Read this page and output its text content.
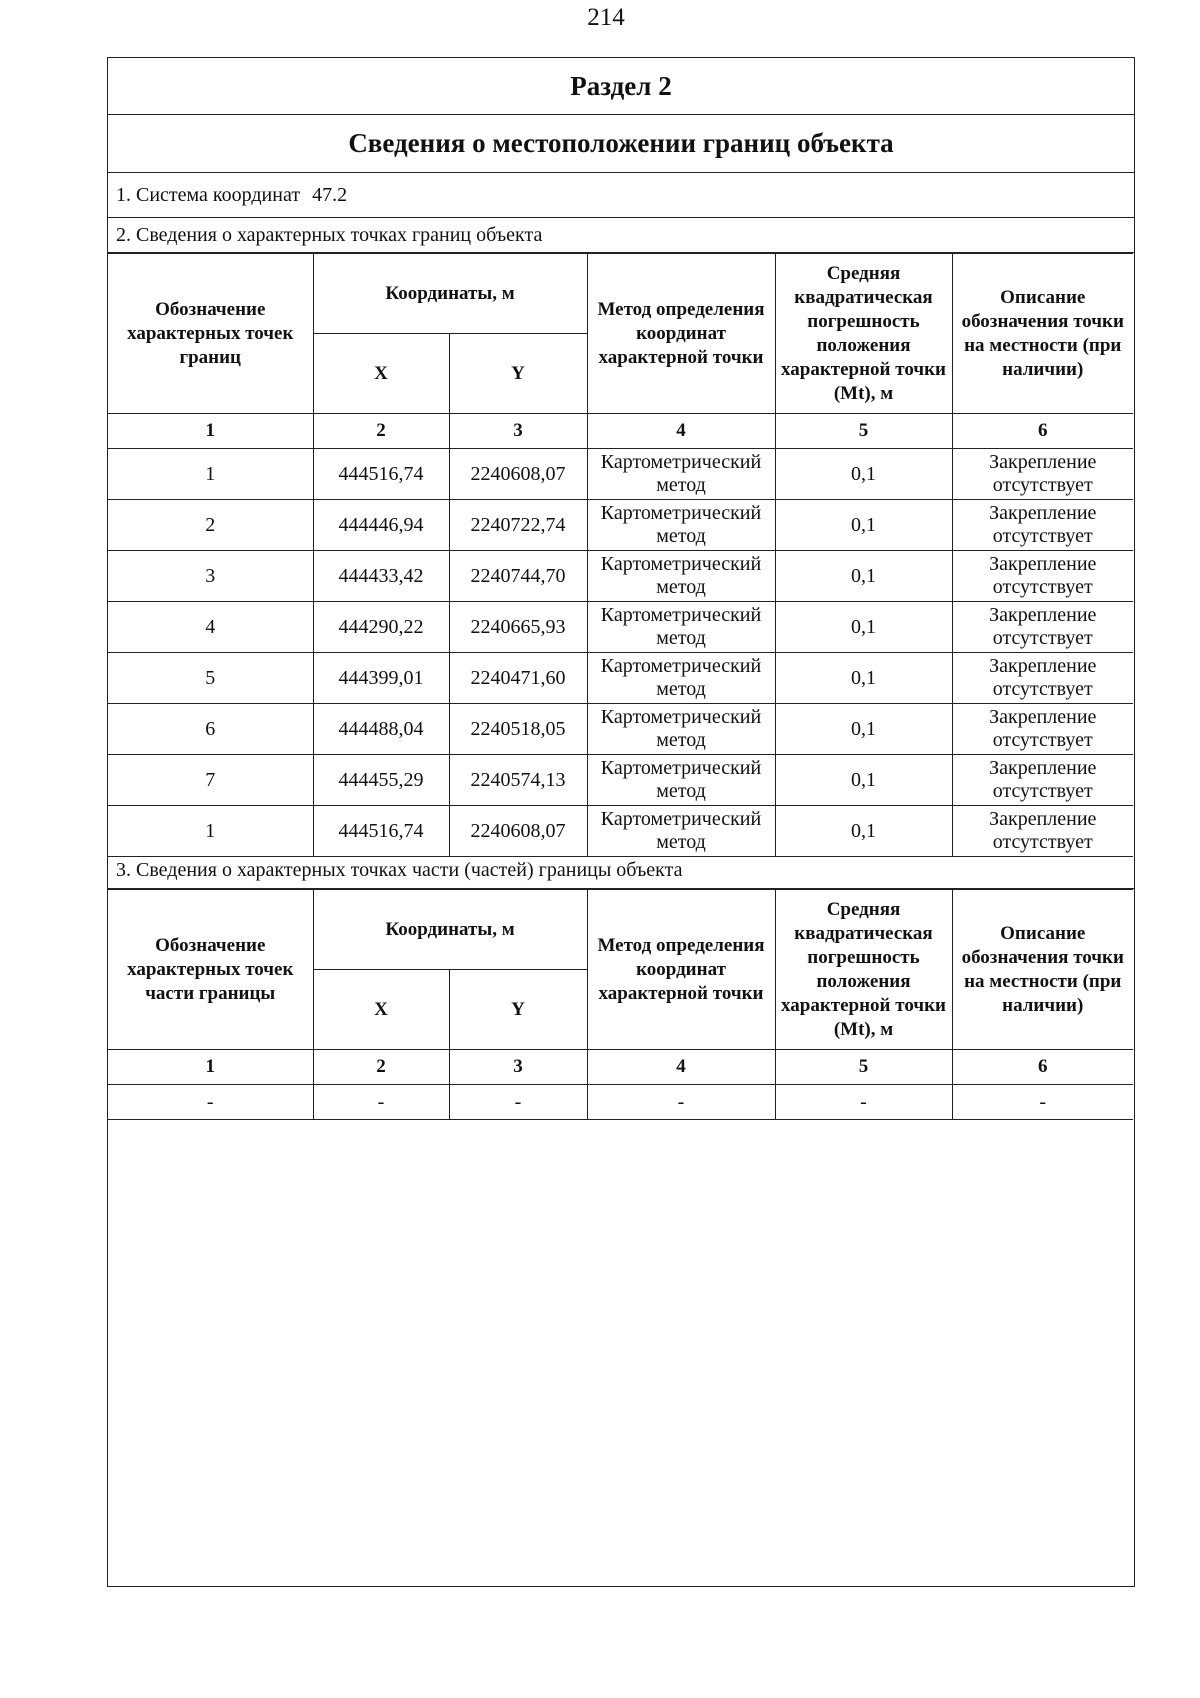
214
Раздел 2
Сведения о местоположении границ объекта
1. Система координат 47.2
2. Сведения о характерных точках границ объекта
Обозначение характерных точек границ	Координаты, м		Метод определения координат характерной точки	Средняя квадратическая погрешность положения характерной точки (Mt), м	Описание обозначения точки на местности (при наличии)
	X	Y			
1	2	3	4	5	6
1	444516,74	2240608,07	Картометрический метод	0,1	Закрепление отсутствует
2	444446,94	2240722,74	Картометрический метод	0,1	Закрепление отсутствует
3	444433,42	2240744,70	Картометрический метод	0,1	Закрепление отсутствует
4	444290,22	2240665,93	Картометрический метод	0,1	Закрепление отсутствует
5	444399,01	2240471,60	Картометрический метод	0,1	Закрепление отсутствует
6	444488,04	2240518,05	Картометрический метод	0,1	Закрепление отсутствует
7	444455,29	2240574,13	Картометрический метод	0,1	Закрепление отсутствует
1	444516,74	2240608,07	Картометрический метод	0,1	Закрепление отсутствует
3. Сведения о характерных точках части (частей) границы объекта
Обозначение характерных точек части границы	Координаты, м		Метод определения координат характерной точки	Средняя квадратическая погрешность положения характерной точки (Mt), м	Описание обозначения точки на местности (при наличии)
	X	Y			
1	2	3	4	5	6
-	-	-	-	-	-
